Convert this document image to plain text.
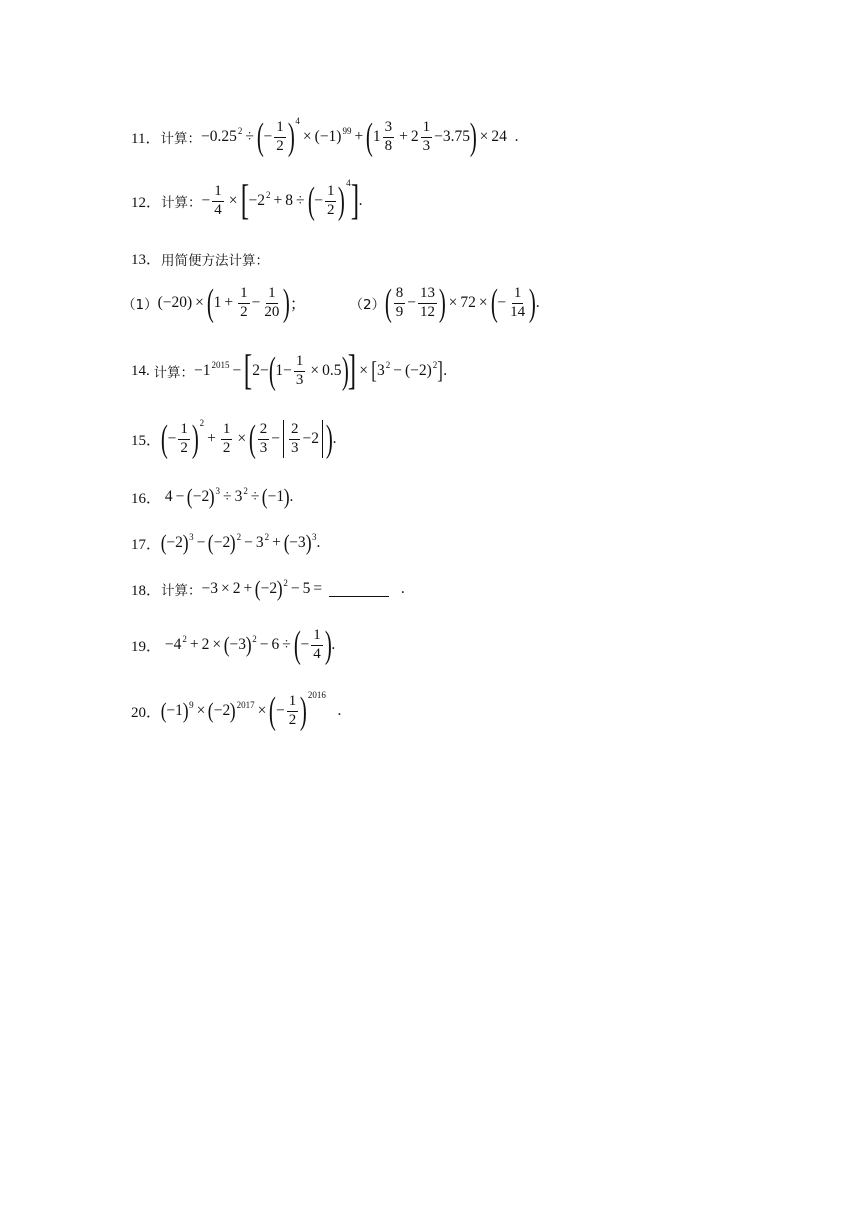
11． 计算： $-0.25^2$ ÷ ( − $\frac{1}{2}$ ) 4
× $(-1)^{99}$ + ( $1 \frac{3}{8} + 2 \frac{1}{3} -3.75$ ) × 24  .
12． 计算： − $\frac{1}{4}$ × [ $-2^2 + 8$ ÷ ( − $\frac{1}{2}$ ) 4 ] .
13． 用简便方法计算：
（1） (−20) × ( $1 + \frac{1}{2} - \frac{1}{20}$ ) ；	（2） ( $\frac{8}{9} - \frac{13}{12}$ ) × 72 × ( − $\frac{1}{14}$ ) .
14.
计算： $-1^{2015}$ − [ 2− ( $1- \frac{1}{3} \times 0.5$ ) ] × [ $3^2 - (-2)^2$ ] .
15． ( − $\frac{1}{2}$ ) 2
+ $\frac{1}{2}$ × ( $\frac{2}{3} - \frac{2}{3} -2$ ) .
16． 4 − ( −2 )$^3 \div 3^2$ ÷ ( −1 ) .
17． ( −2 )$^3$ − ( −2 )$^2 - 3^2$ + ( −3 )$^3$ .
18． 计算： −3 × 2 + ( −2 )$^2$ − 5 =	.
19． $-4^2 + 2$ × ( −3 )$^2$ − 6 ÷ ( − $\frac{1}{4}$ ) .
20． ( −1 )$^9$ × ( −2 )$^{2017}$ × ( − $\frac{1}{2}$ ) 2016
.
